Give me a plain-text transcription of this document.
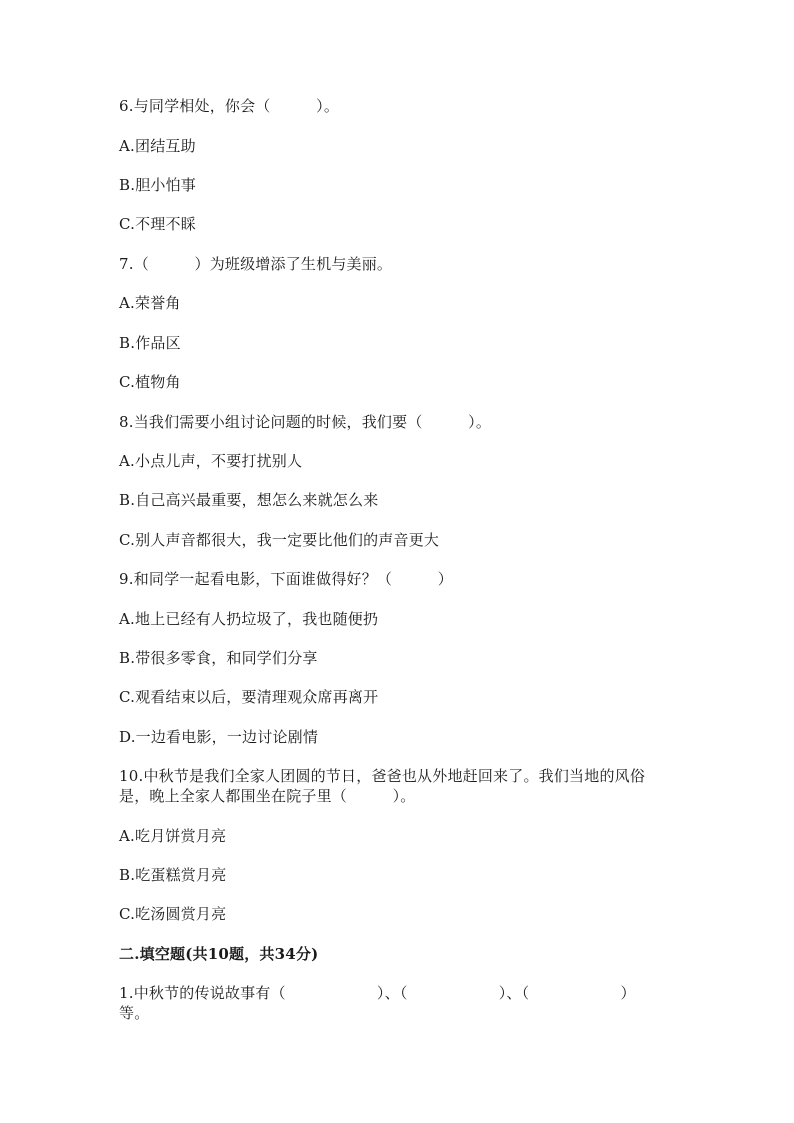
6.与同学相处，你会（　　　）。
A.团结互助
B.胆小怕事
C.不理不睬
7.（　　　）为班级增添了生机与美丽。
A.荣誉角
B.作品区
C.植物角
8.当我们需要小组讨论问题的时候，我们要（　　　）。
A.小点儿声，不要打扰别人
B.自己高兴最重要，想怎么来就怎么来
C.别人声音都很大，我一定要比他们的声音更大
9.和同学一起看电影，下面谁做得好？（　　　）
A.地上已经有人扔垃圾了，我也随便扔
B.带很多零食，和同学们分享
C.观看结束以后，要清理观众席再离开
D.一边看电影，一边讨论剧情
10.中秋节是我们全家人团圆的节日，爸爸也从外地赶回来了。我们当地的风俗
是，晚上全家人都围坐在院子里（　　　）。
A.吃月饼赏月亮
B.吃蛋糕赏月亮
C.吃汤圆赏月亮
二.填空题(共10题，共34分)
1.中秋节的传说故事有（　　　　　　）、（　　　　　　）、（　　　　　　）
等。
